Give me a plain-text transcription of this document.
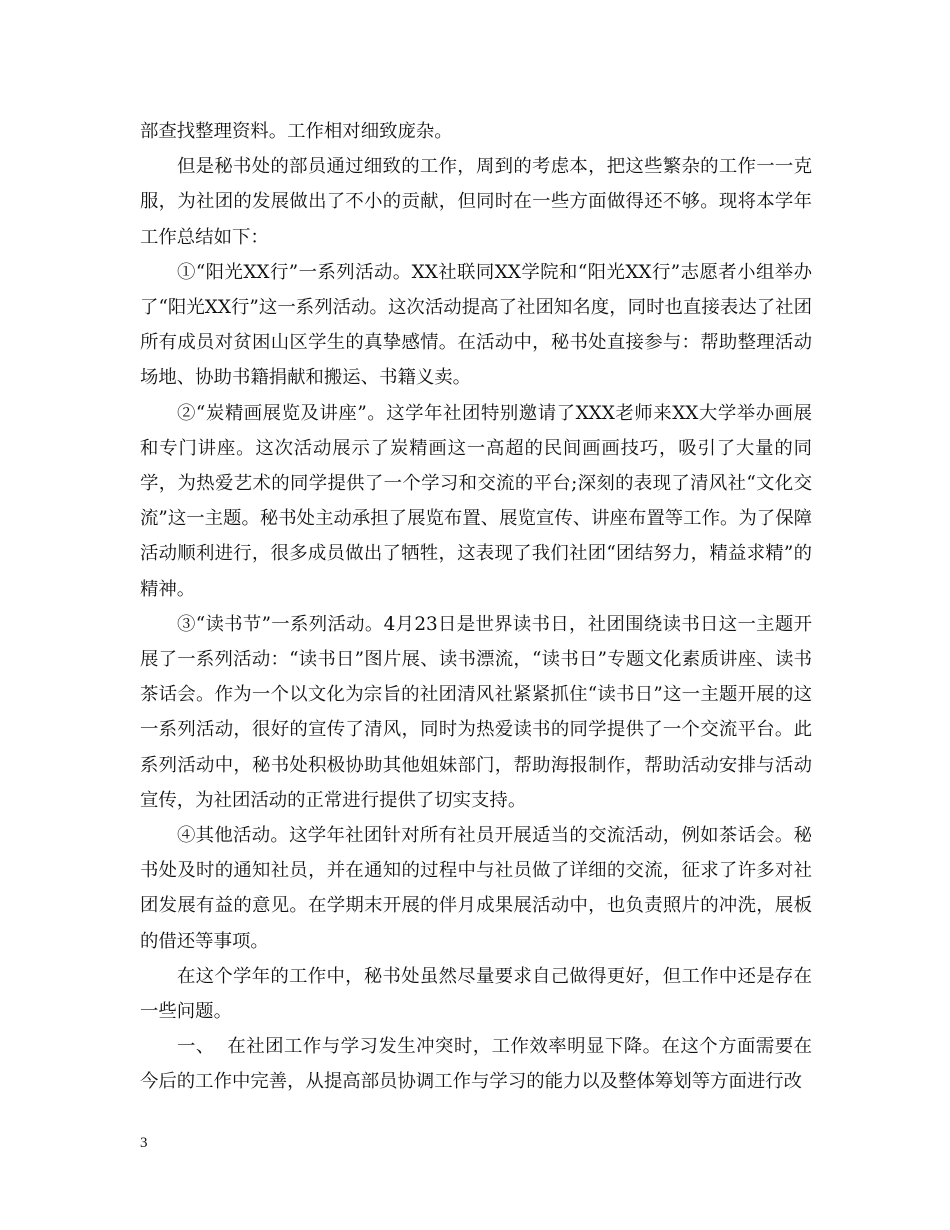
部查找整理资料。工作相对细致庞杂。

但是秘书处的部员通过细致的工作，周到的考虑本，把这些繁杂的工作一一克服，为社团的发展做出了不小的贡献，但同时在一些方面做得还不够。现将本学年工作总结如下：

①“阳光XX行”一系列活动。XX社联同XX学院和“阳光XX行”志愿者小组举办了“阳光XX行”这一系列活动。这次活动提高了社团知名度，同时也直接表达了社团所有成员对贫困山区学生的真挚感情。在活动中，秘书处直接参与：帮助整理活动场地、协助书籍捐献和搬运、书籍义卖。

②“炭精画展览及讲座”。这学年社团特别邀请了XXX老师来XX大学举办画展和专门讲座。这次活动展示了炭精画这一高超的民间画画技巧，吸引了大量的同学，为热爱艺术的同学提供了一个学习和交流的平台;深刻的表现了清风社“文化交流”这一主题。秘书处主动承担了展览布置、展览宣传、讲座布置等工作。为了保障活动顺利进行，很多成员做出了牺牲，这表现了我们社团“团结努力，精益求精”的精神。

③“读书节”一系列活动。4月23日是世界读书日，社团围绕读书日这一主题开展了一系列活动：“读书日”图片展、读书漂流，“读书日”专题文化素质讲座、读书茶话会。作为一个以文化为宗旨的社团清风社紧紧抓住“读书日”这一主题开展的这一系列活动，很好的宣传了清风，同时为热爱读书的同学提供了一个交流平台。此系列活动中，秘书处积极协助其他姐妹部门，帮助海报制作，帮助活动安排与活动宣传，为社团活动的正常进行提供了切实支持。

④其他活动。这学年社团针对所有社员开展适当的交流活动，例如茶话会。秘书处及时的通知社员，并在通知的过程中与社员做了详细的交流，征求了许多对社团发展有益的意见。在学期末开展的伴月成果展活动中，也负责照片的冲洗，展板的借还等事项。

在这个学年的工作中，秘书处虽然尽量要求自己做得更好，但工作中还是存在一些问题。

一、  在社团工作与学习发生冲突时，工作效率明显下降。在这个方面需要在今后的工作中完善，从提高部员协调工作与学习的能力以及整体筹划等方面进行改

3
